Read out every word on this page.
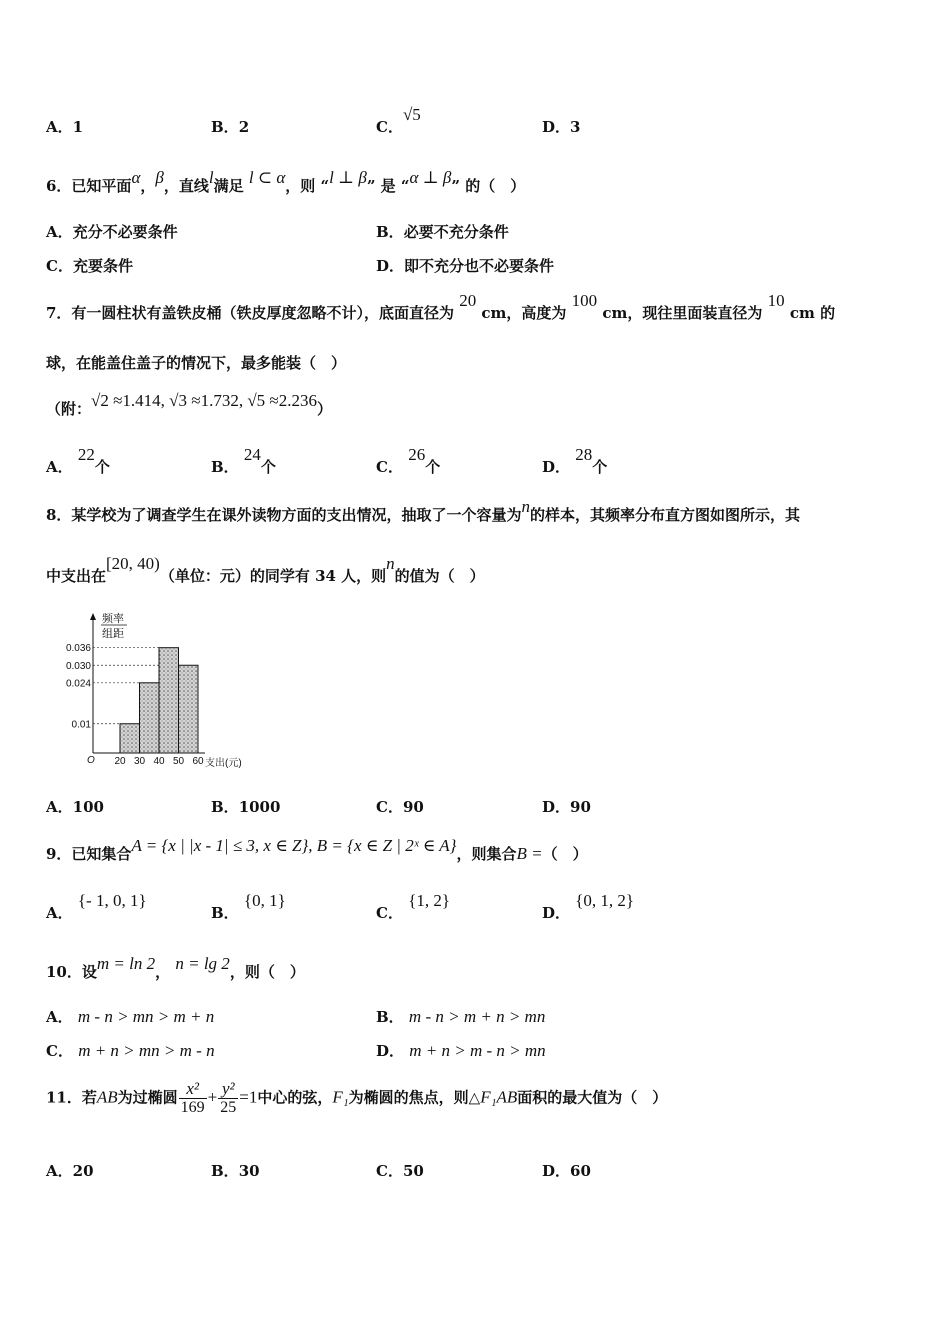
A．1	B．2	C．√5
D．3
6．已知平面α，β，直线l满足 l ⊂ α，则 “l ⊥ β” 是 “α ⊥ β” 的（　）
A．充分不必要条件	B．必要不充分条件
C．充要条件	D．即不充分也不必要条件
7．有一圆柱状有盖铁皮桶（铁皮厚度忽略不计），底面直径为 20 cm，高度为 100 cm，现往里面装直径为 10 cm 的
球，在能盖住盖子的情况下，最多能装（　）
（附：√2 ≈1.414, √3 ≈1.732, √5 ≈2.236）
A． 22个	B． 24个	C． 26个	D． 28个
8．某学校为了调查学生在课外读物方面的支出情况，抽取了一个容量为n的样本，其频率分布直方图如图所示，其
中支出在[20, 40)（单位：元）的同学有 34 人，则n的值为（　）
频率
组距
0.036
0.030
0.024
0.01
20 30 40 50 60
O	支出(元)
A．100	B．1000	C．90	D．90
9．已知集合A = {x | |x - 1| ≤ 3, x ∈ Z}, B = {x ∈ Z | 2ˣ ∈ A}，则集合B =（　）
A． {- 1, 0, 1}
B． {0, 1}
C． {1, 2}
D． {0, 1, 2}
10．设m = ln 2， n = lg 2，则（　）
A． m - n > mn > m + n	B． m - n > m + n > mn
C． m + n > mn > m - n	D． m + n > m - n > mn
11．若AB为过椭圆 $\frac{\text{x²}}{169} + \frac{\text{y²}}{25} =1$中心的弦，F₁为椭圆的焦点，则△F₁AB面积的最大值为（　）
A．20	B．30	C．50	D．60
